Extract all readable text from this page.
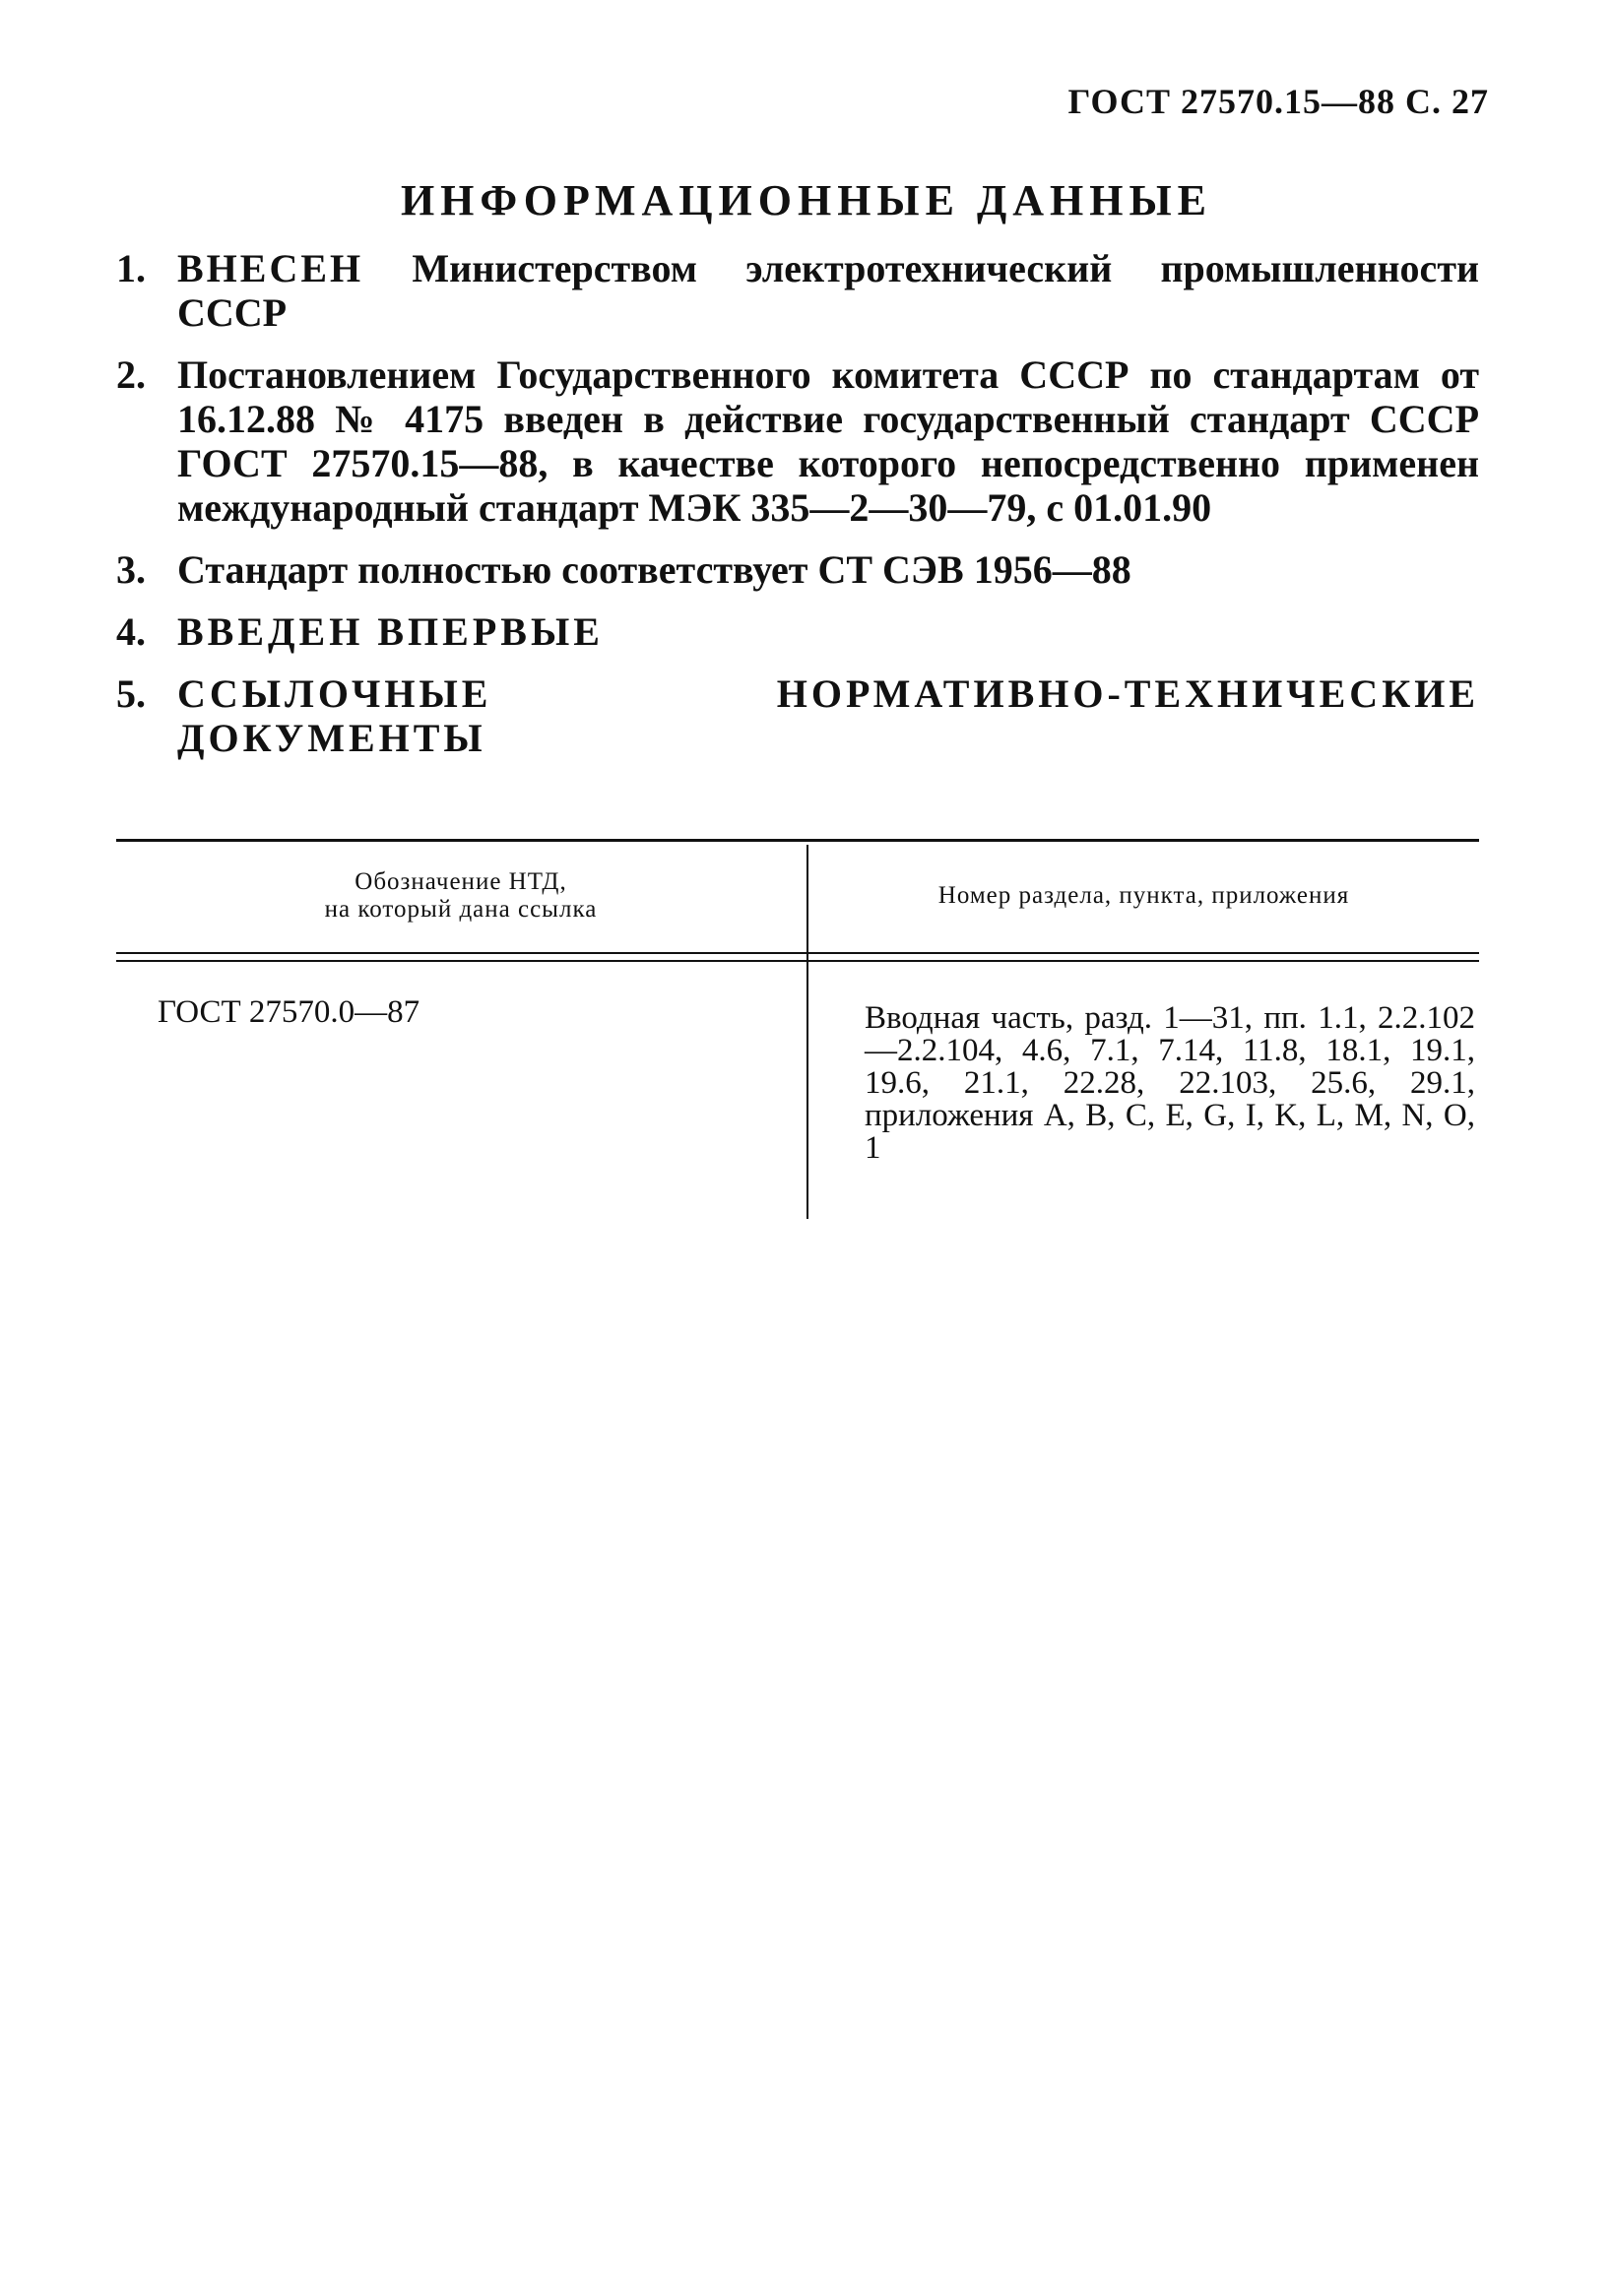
ГОСТ 27570.15—88 С. 27
ИНФОРМАЦИОННЫЕ ДАННЫЕ
1. ВНЕСЕН Министерством электротехнический промышленности СССР
2. Постановлением Государственного комитета СССР по стандартам от 16.12.88 № 4175 введен в действие государственный стандарт СССР ГОСТ 27570.15—88, в качестве которого непосредственно применен международный стандарт МЭК 335—2—30—79, с 01.01.90
3. Стандарт полностью соответствует СТ СЭВ 1956—88
4. ВВЕДЕН ВПЕРВЫЕ
5. ССЫЛОЧНЫЕ НОРМАТИВНО-ТЕХНИЧЕСКИЕ ДОКУМЕНТЫ
Обозначение НТД,
на который дана ссылка
Номер раздела, пункта, приложения
ГОСТ 27570.0—87	Вводная часть, разд. 1—31, пп. 1.1, 2.2.102—2.2.104, 4.6, 7.1, 7.14, 11.8, 18.1, 19.1, 19.6, 21.1, 22.28, 22.103, 25.6, 29.1, приложения A, B, C, E, G, I, K, L, M, N, O, 1
